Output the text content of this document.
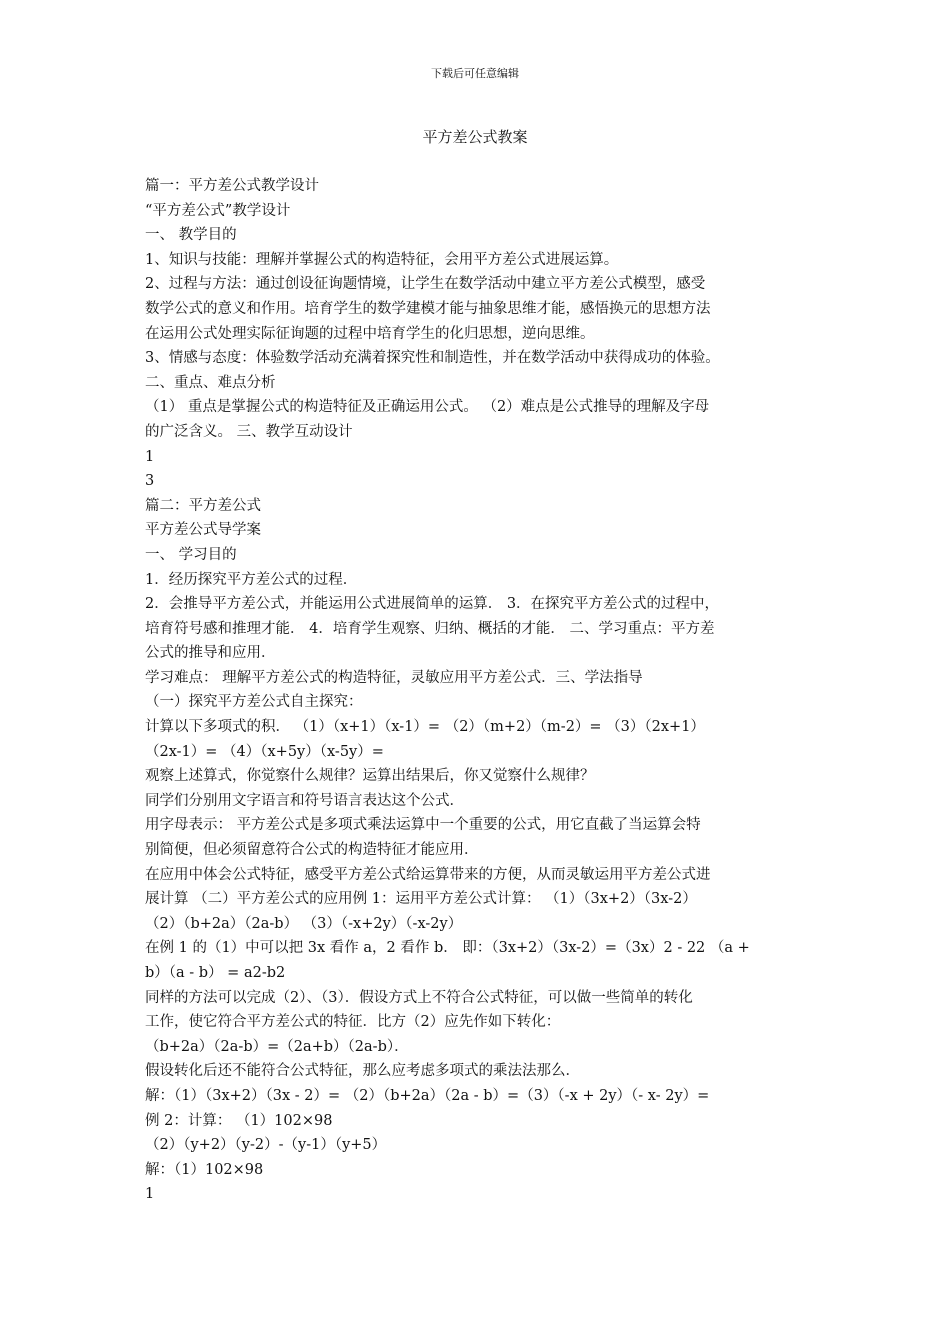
下载后可任意编辑
平方差公式教案
篇一：平方差公式教学设计
“平方差公式”教学设计
一、 教学目的
1、知识与技能：理解并掌握公式的构造特征，会用平方差公式进展运算。
2、过程与方法：通过创设征询题情境，让学生在数学活动中建立平方差公式模型，感受
数学公式的意义和作用。培育学生的数学建模才能与抽象思维才能，感悟换元的思想方法
在运用公式处理实际征询题的过程中培育学生的化归思想，逆向思维。
3、情感与态度：体验数学活动充满着探究性和制造性，并在数学活动中获得成功的体验。
二、重点、难点分析
（1） 重点是掌握公式的构造特征及正确运用公式。 （2）难点是公式推导的理解及字母
的广泛含义。 三、教学互动设计
1
3
篇二：平方差公式
平方差公式导学案
一、 学习目的
1．经历探究平方差公式的过程．
2．会推导平方差公式，并能运用公式进展简单的运算． 3．在探究平方差公式的过程中，
培育符号感和推理才能． 4．培育学生观察、归纳、概括的才能． 二、学习重点：平方差
公式的推导和应用．
学习难点： 理解平方差公式的构造特征，灵敏应用平方差公式．三、学法指导
（一）探究平方差公式自主探究：
计算以下多项式的积． （1）（x+1）（x-1）= （2）（m+2）（m-2）= （3）（2x+1）
（2x-1）= （4）（x+5y）（x-5y）=
观察上述算式，你觉察什么规律？运算出结果后，你又觉察什么规律？
同学们分别用文字语言和符号语言表达这个公式．
用字母表示： 平方差公式是多项式乘法运算中一个重要的公式，用它直截了当运算会特
别简便，但必须留意符合公式的构造特征才能应用．
在应用中体会公式特征，感受平方差公式给运算带来的方便，从而灵敏运用平方差公式进
展计算 （二）平方差公式的应用例 1：运用平方差公式计算： （1）（3x+2）（3x-2）
（2）（b+2a）（2a-b） （3）（-x+2y）（-x-2y）
在例 1 的（1）中可以把 3x 看作 a，2 看作 b． 即：（3x+2）（3x-2）=（3x）2 - 22 （a +
b）（a - b） = a2-b2
同样的方法可以完成（2）、（3）．假设方式上不符合公式特征，可以做一些简单的转化
工作，使它符合平方差公式的特征．比方（2）应先作如下转化：
（b+2a）（2a-b）=（2a+b）（2a-b）．
假设转化后还不能符合公式特征，那么应考虑多项式的乘法法那么．
解：（1）（3x+2）（3x - 2）= （2）（b+2a）（2a - b）=（3）（-x + 2y）（- x- 2y）=
例 2：计算： （1）102×98
（2）（y+2）（y-2）-（y-1）（y+5）
解：（1）102×98
1
